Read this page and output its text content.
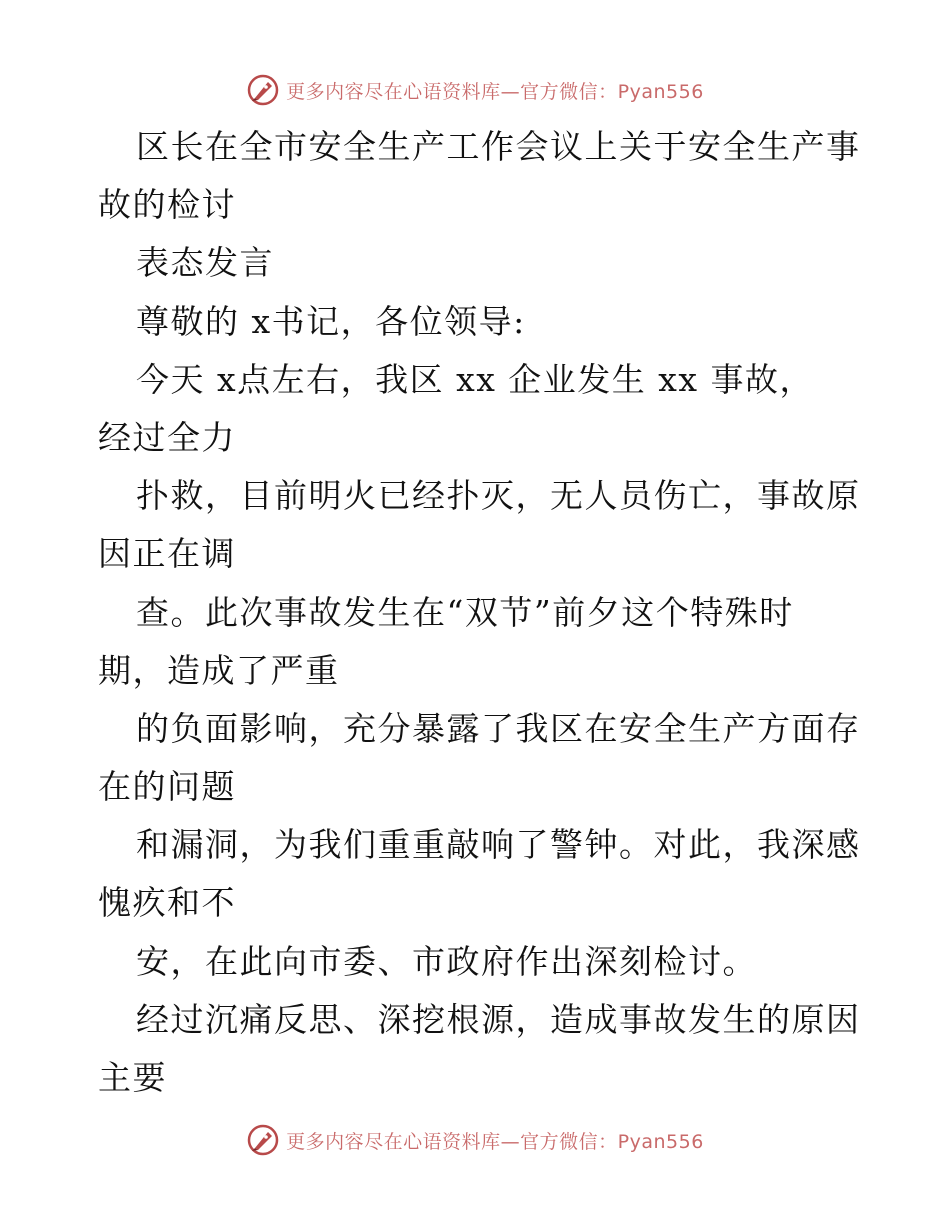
更多内容尽在心语资料库—官方微信：Pyan556
区长在全市安全生产工作会议上关于安全生产事
故的检讨
表态发言
尊敬的 x书记，各位领导:
今天 x点左右，我区 xx 企业发生 xx 事故，
经过全力
扑救，目前明火已经扑灭，无人员伤亡，事故原
因正在调
查。此次事故发生在“双节”前夕这个特殊时
期，造成了严重
的负面影响，充分暴露了我区在安全生产方面存
在的问题
和漏洞，为我们重重敲响了警钟。对此，我深感
愧疚和不
安，在此向市委、市政府作出深刻检讨。
经过沉痛反思、深挖根源，造成事故发生的原因
主要
更多内容尽在心语资料库—官方微信：Pyan556
